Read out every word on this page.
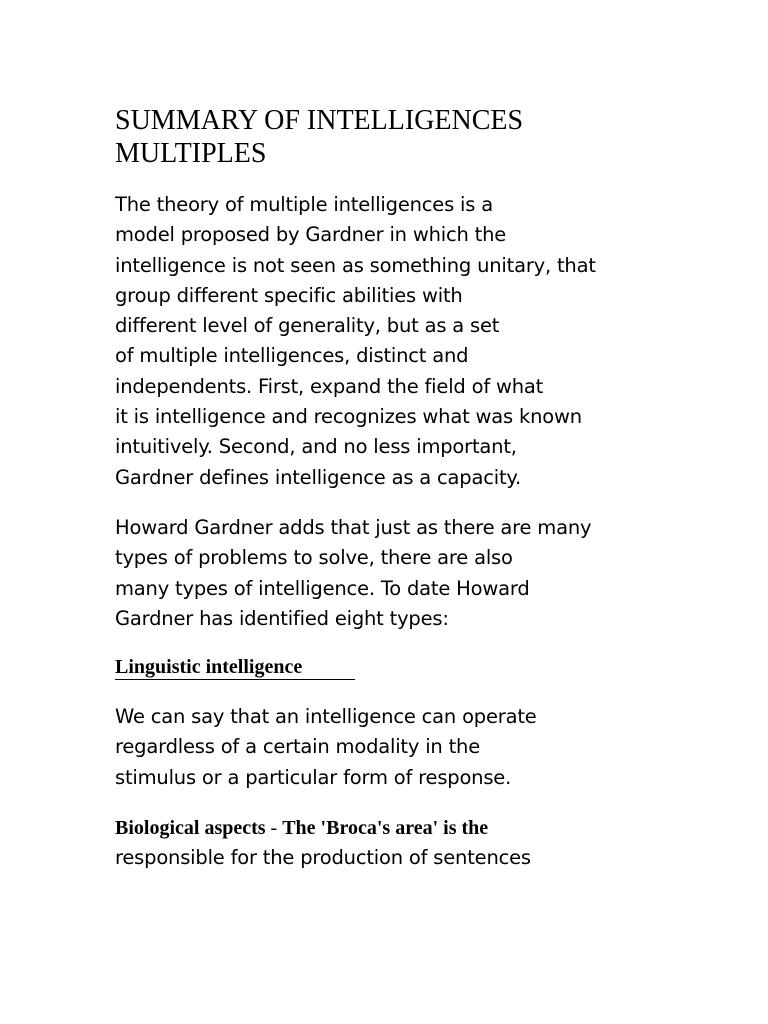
SUMMARY OF INTELLIGENCES
MULTIPLES

The theory of multiple intelligences is a
model proposed by Gardner in which the
intelligence is not seen as something unitary, that
group different specific abilities with
different level of generality, but as a set
of multiple intelligences, distinct and
independents. First, expand the field of what
it is intelligence and recognizes what was known
intuitively. Second, and no less important,
Gardner defines intelligence as a capacity.

Howard Gardner adds that just as there are many
types of problems to solve, there are also
many types of intelligence. To date Howard
Gardner has identified eight types:

Linguistic intelligence

We can say that an intelligence can operate
regardless of a certain modality in the
stimulus or a particular form of response.

Biological aspects - The 'Broca's area' is the
responsible for the production of sentences
